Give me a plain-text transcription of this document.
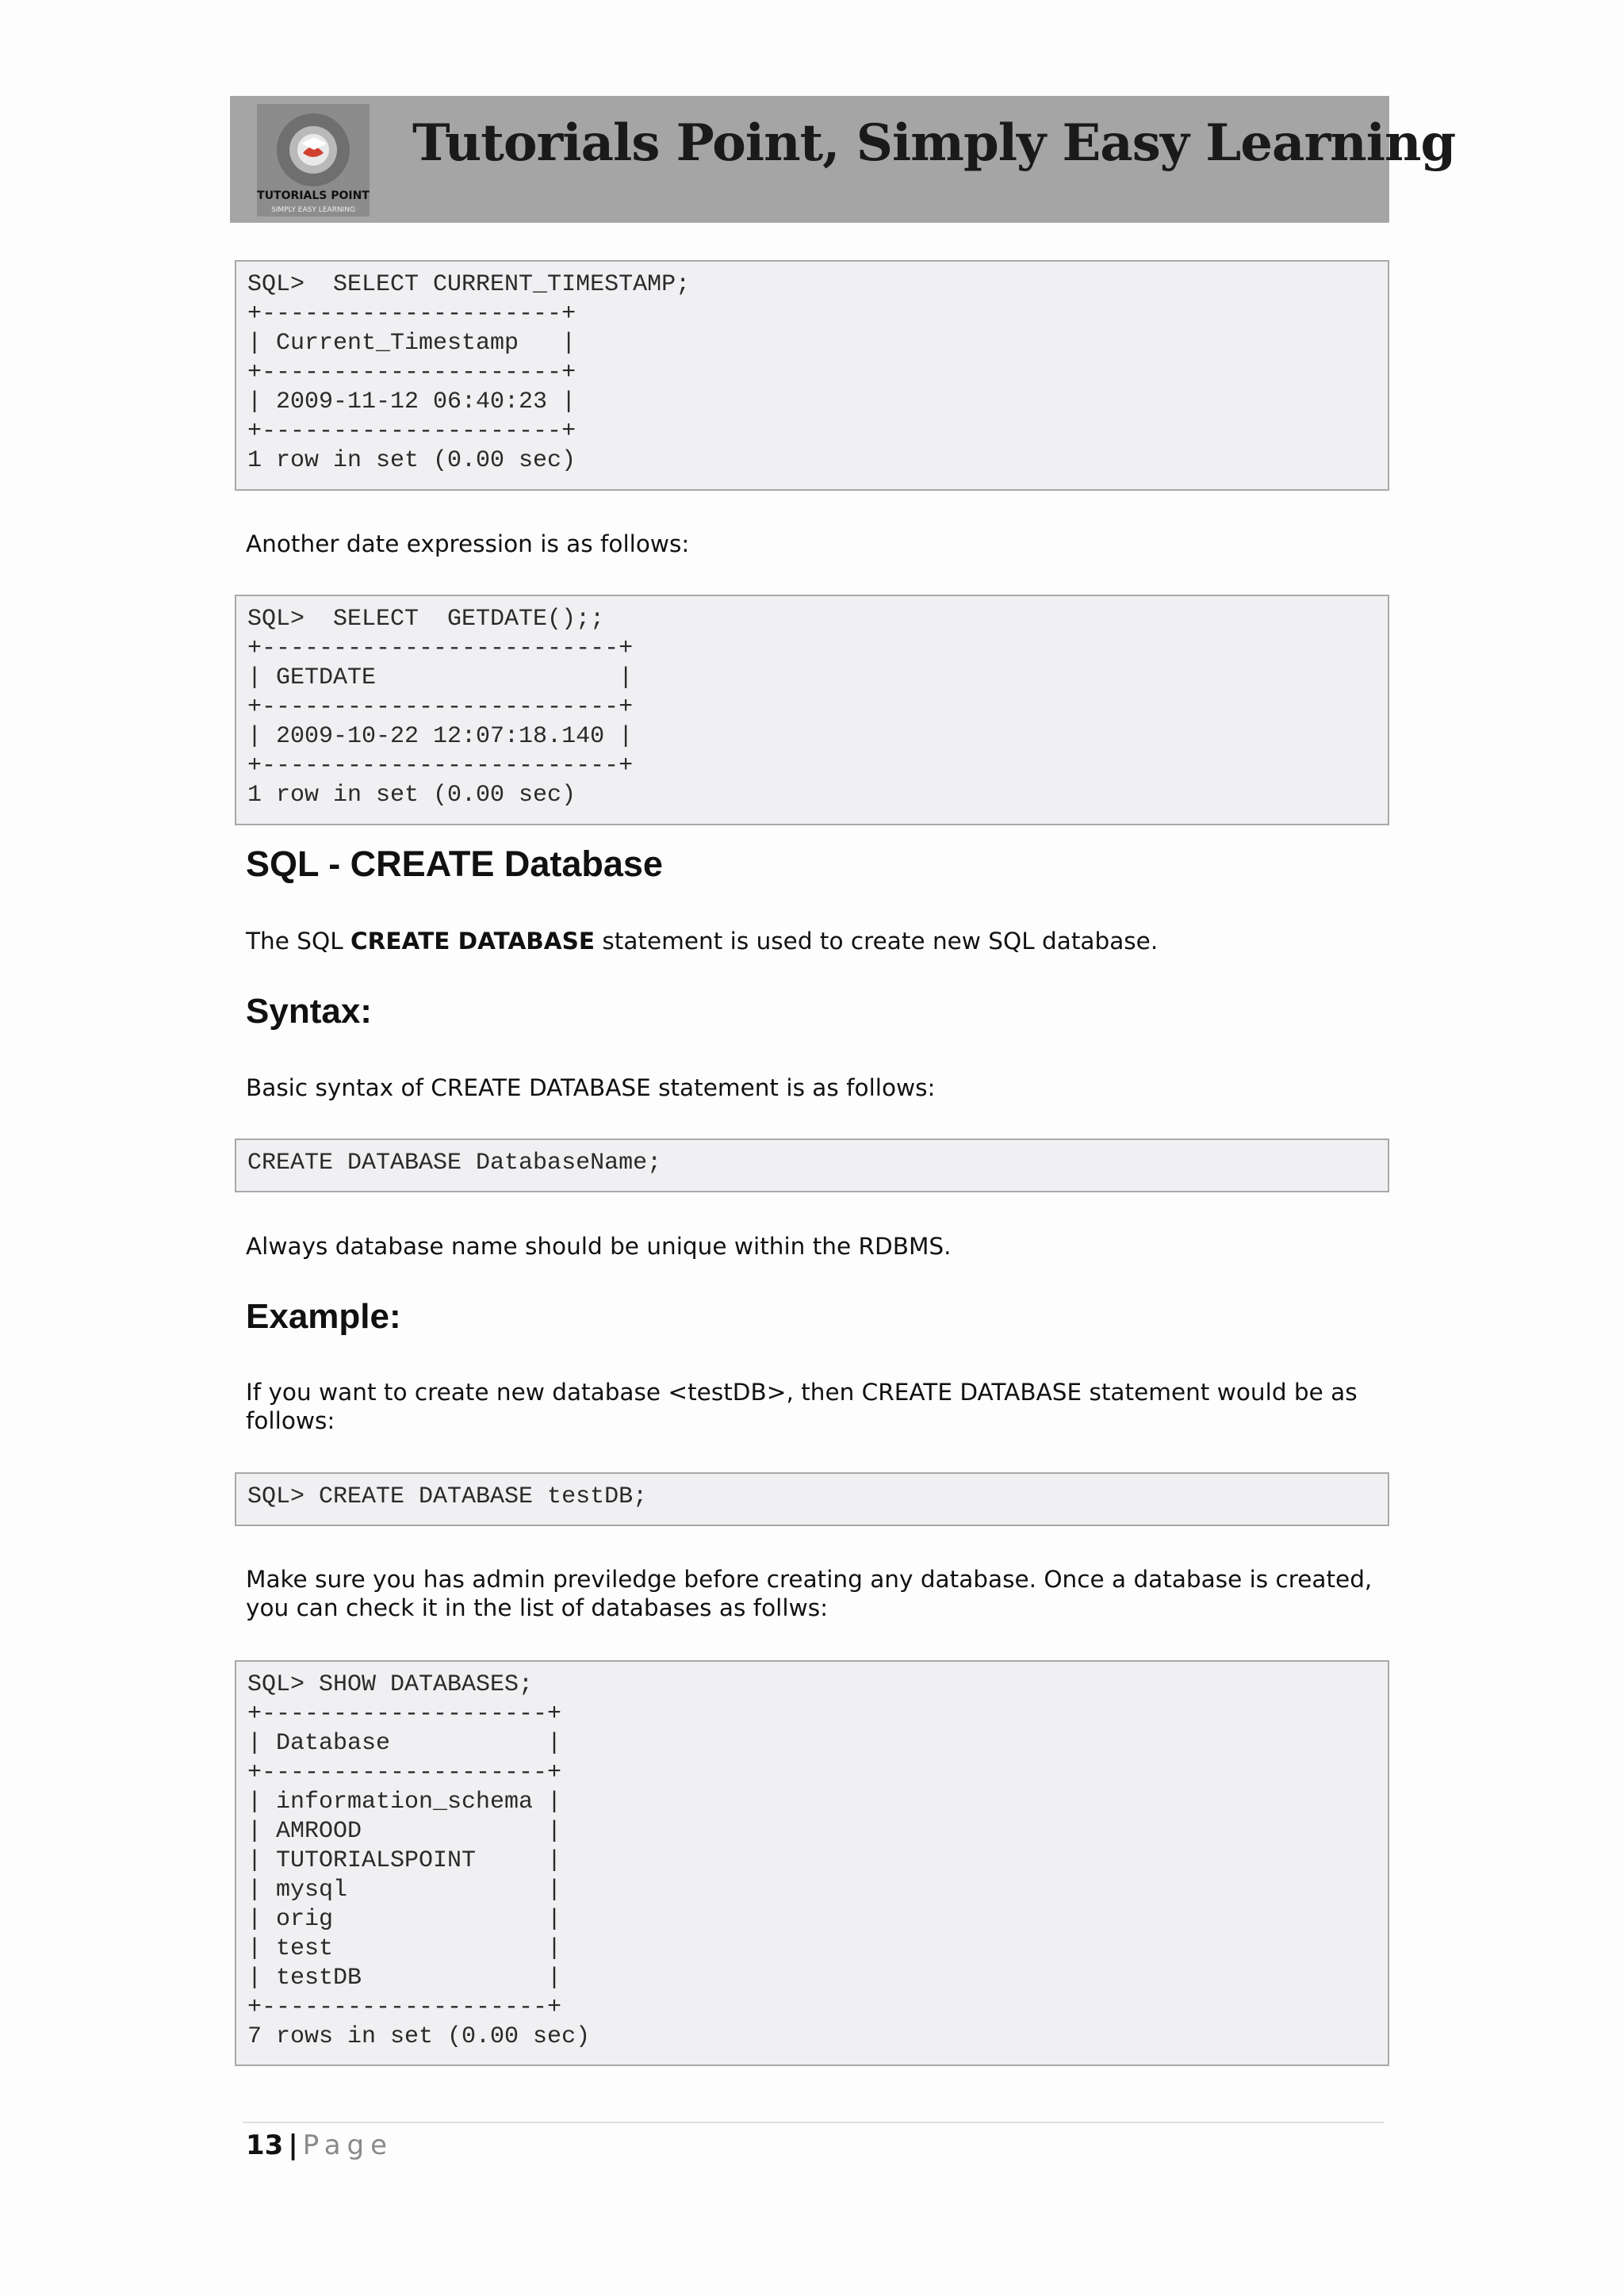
TUTORIALS POINT
SIMPLY EASY LEARNING
Tutorials Point, Simply Easy Learning
SQL>  SELECT CURRENT_TIMESTAMP;
+---------------------+
| Current_Timestamp   |
+---------------------+
| 2009-11-12 06:40:23 |
+---------------------+
1 row in set (0.00 sec)
Another date expression is as follows:
SQL>  SELECT  GETDATE();;
+-------------------------+
| GETDATE                 |
+-------------------------+
| 2009-10-22 12:07:18.140 |
+-------------------------+
1 row in set (0.00 sec)
SQL - CREATE Database
The SQL CREATE DATABASE statement is used to create new SQL database.
Syntax:
Basic syntax of CREATE DATABASE statement is as follows:
CREATE DATABASE DatabaseName;
Always database name should be unique within the RDBMS.
Example:
If you want to create new database <testDB>, then CREATE DATABASE statement would be as follows:
SQL> CREATE DATABASE testDB;
Make sure you has admin previledge before creating any database. Once a database is created, you can check it in the list of databases as follws:
SQL> SHOW DATABASES;
+--------------------+
| Database           |
+--------------------+
| information_schema |
| AMROOD             |
| TUTORIALSPOINT     |
| mysql              |
| orig               |
| test               |
| testDB             |
+--------------------+
7 rows in set (0.00 sec)
13 | Page
